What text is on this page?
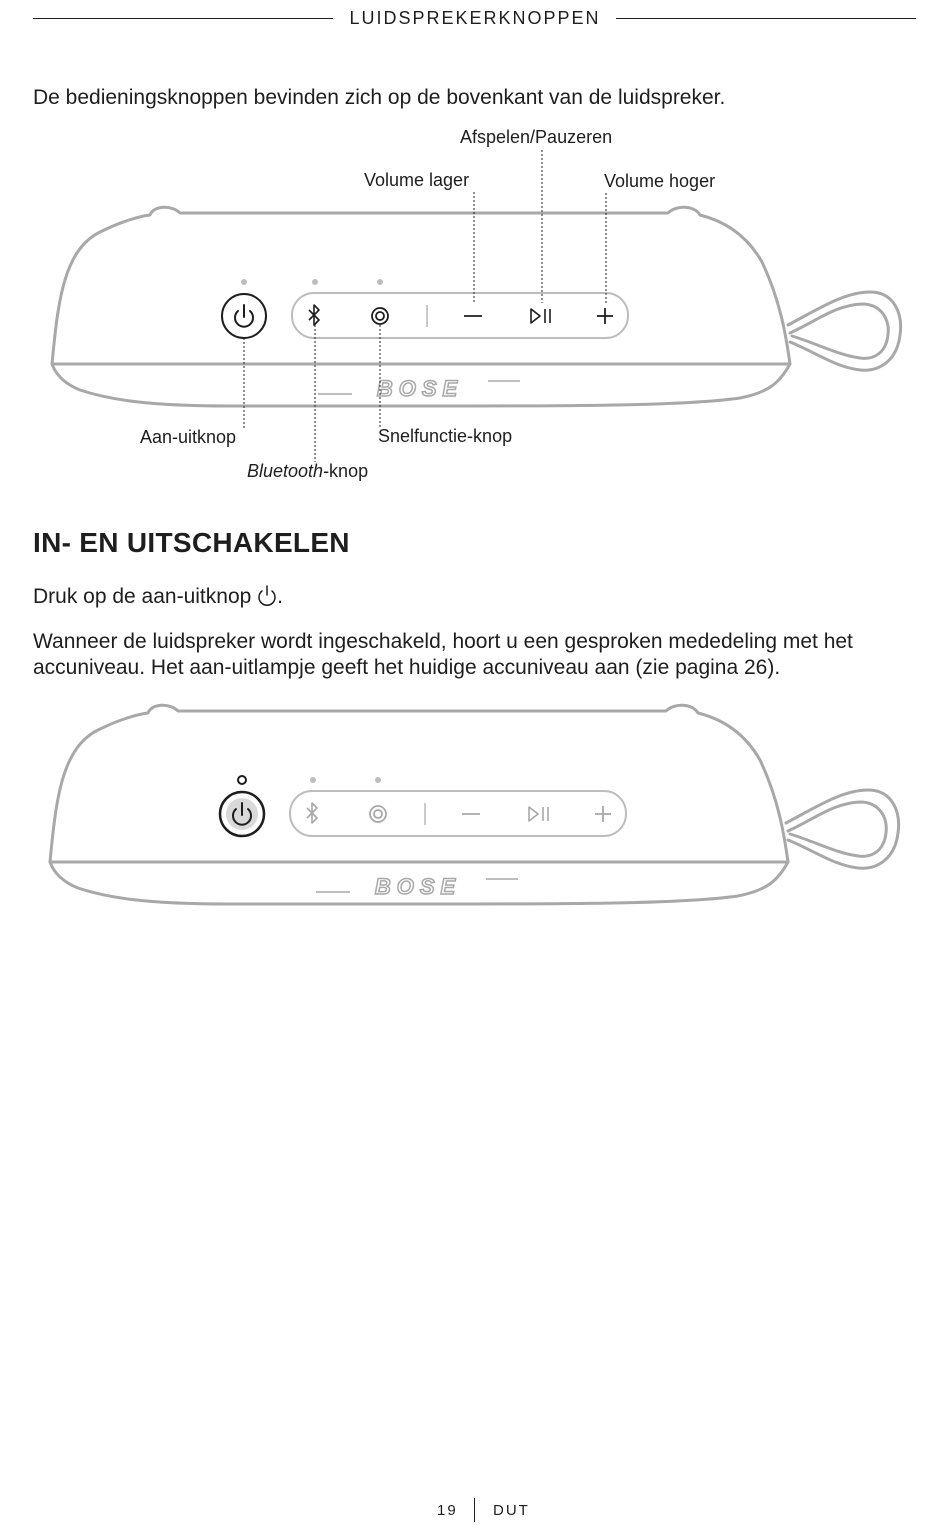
LUIDSPREKERKNOPPEN

De bedieningsknoppen bevinden zich op de bovenkant van de luidspreker.

BOSE
Afspelen/Pauzeren
Volume lager	Volume hoger
Aan-uitknop	Snelfunctie-knop
Bluetooth-knop
IN- EN UITSCHAKELEN

Druk op de aan-uitknop .

Wanneer de luidspreker wordt ingeschakeld, hoort u een gesproken mededeling met het accuniveau. Het aan-uitlampje geeft het huidige accuniveau aan (zie pagina 26).

BOSE
19 DUT
